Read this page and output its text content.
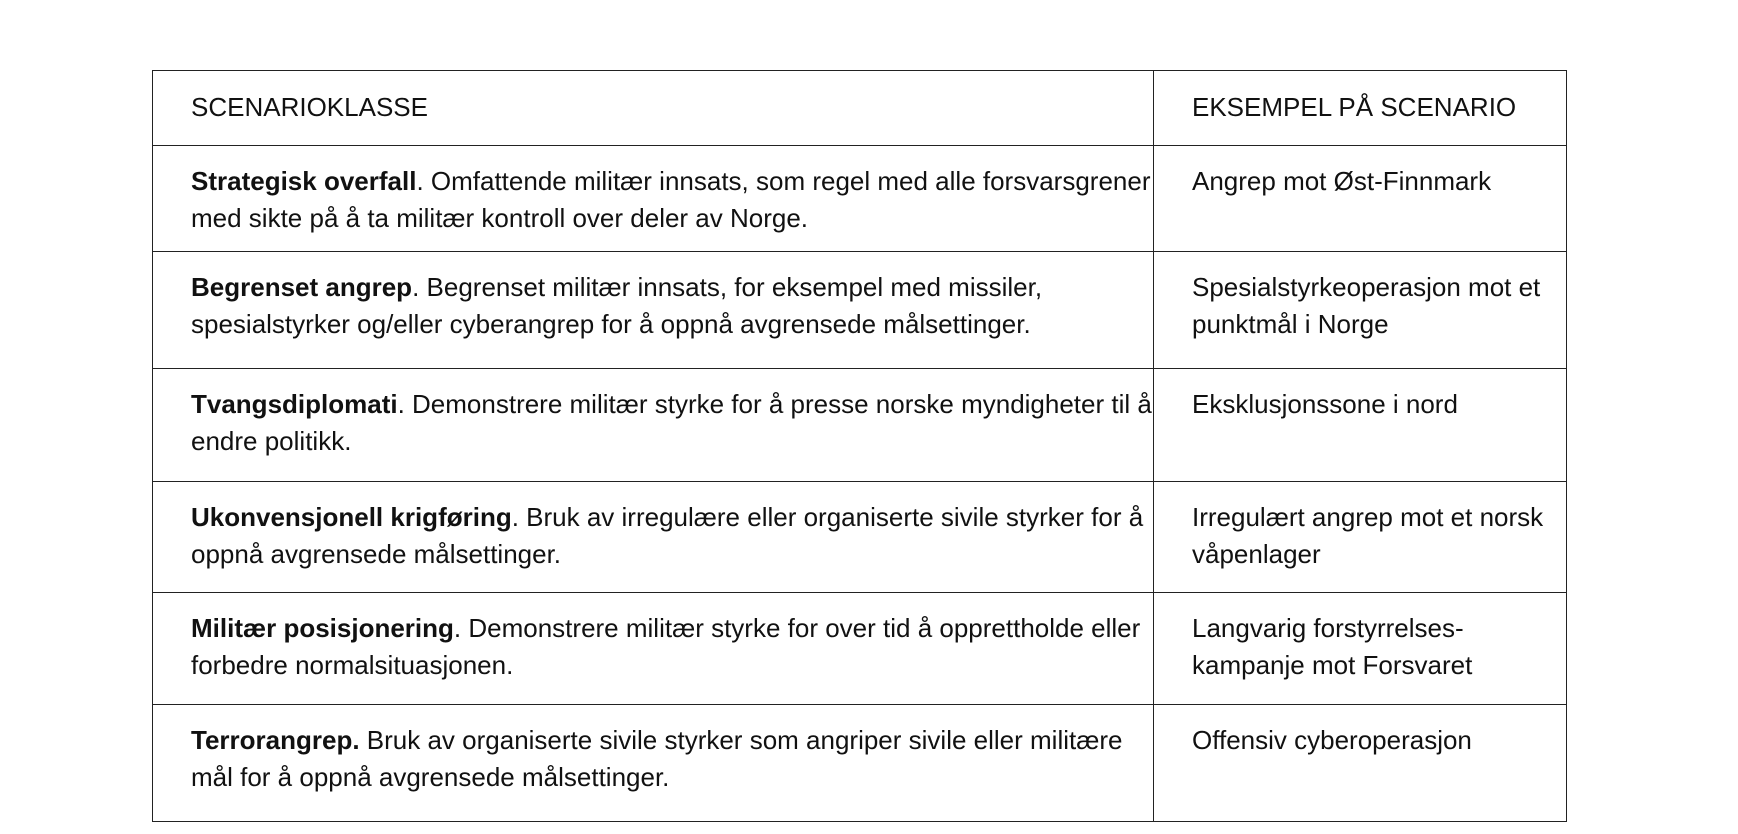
SCENARIOKLASSE	EKSEMPEL PÅ SCENARIO
Strategisk overfall. Omfattende militær innsats, som regel med alle forsvarsgrener med sikte på å ta militær kontroll over deler av Norge.	Angrep mot Øst-Finnmark
Begrenset angrep. Begrenset militær innsats, for eksempel med missiler, spesialstyrker og/eller cyberangrep for å oppnå avgrensede målsettinger.	Spesialstyrkeoperasjon mot et punktmål i Norge
Tvangsdiplomati. Demonstrere militær styrke for å presse norske myndigheter til å endre politikk.	Eksklusjonssone i nord
Ukonvensjonell krigføring. Bruk av irregulære eller organiserte sivile styrker for å oppnå avgrensede målsettinger.	Irregulært angrep mot et norsk våpenlager
Militær posisjonering. Demonstrere militær styrke for over tid å opprettholde eller forbedre normalsituasjonen.	Langvarig forstyrrelses-kampanje mot Forsvaret
Terrorangrep. Bruk av organiserte sivile styrker som angriper sivile eller militære mål for å oppnå avgrensede målsettinger.	Offensiv cyberoperasjon
